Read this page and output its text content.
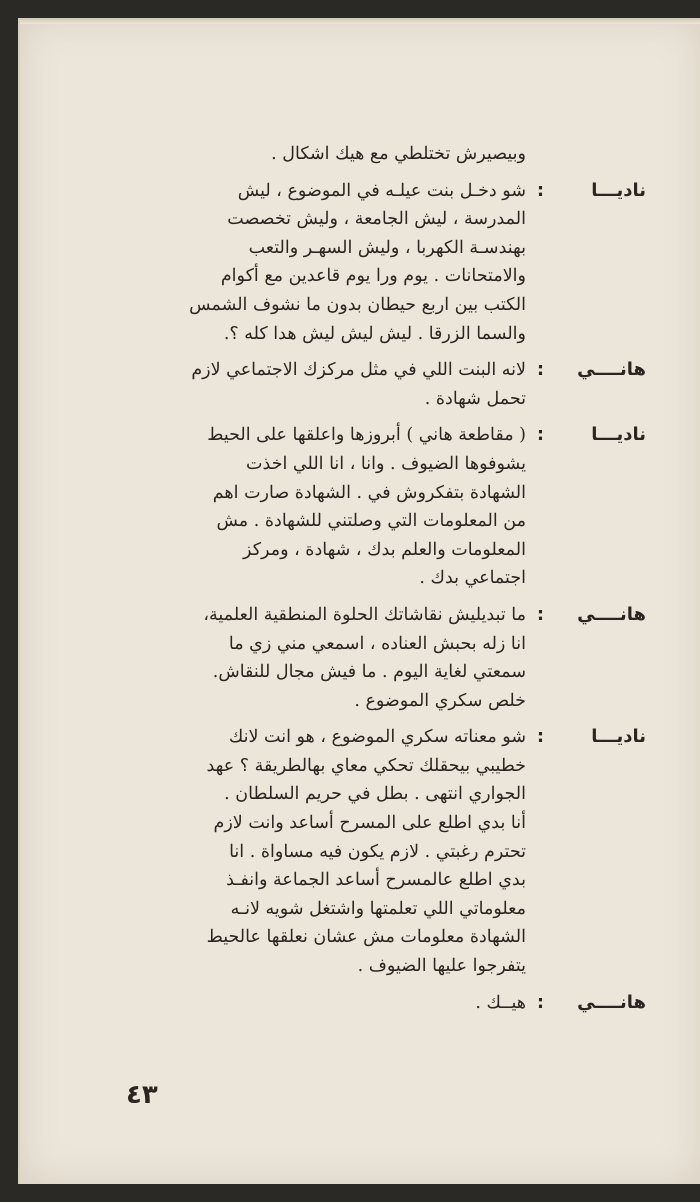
وبيصيرش تختلطي مع هيك اشكال .
ناديـــا
:
شو دخـل بنت عيلـه في الموضوع ، ليش
المدرسة ، ليش الجامعة ، وليش تخصصت
بهندسـة الكهربا ، وليش السهـر والتعب
والامتحانات . يوم ورا يوم قاعدين مع أكوام
الكتب بين اربع حيطان بدون ما نشوف الشمس
والسما الزرقا . ليش ليش ليش هدا كله ؟.
هانــــي
:
لانه البنت اللي في مثل مركزك الاجتماعي لازم
تحمل شهادة .
ناديـــا
:
( مقاطعة هاني ) أبروزها واعلقها على الحيط
يشوفوها الضيوف . وانا ، انا اللي اخذت
الشهادة بتفكروش في . الشهادة صارت اهم
من المعلومات التي وصلتني للشهادة . مش
المعلومات والعلم بدك ، شهادة ، ومركز
اجتماعي بدك .
هانــــي
:
ما تبديليش نقاشاتك الحلوة المنطقية العلمية،
انا زله بحبش العناده ، اسمعي مني زي ما
سمعتي لغاية اليوم . ما فيش مجال للنقاش.
خلص سكري الموضوع .
ناديـــا
:
شو معناته سكري الموضوع ، هو انت لانك
خطيبي بيحقلك تحكي معاي بهالطريقة ؟ عهد
الجواري انتهى . بطل في حريم السلطان .
أنا بدي اطلع على المسرح أساعد وانت لازم
تحترم رغبتي . لازم يكون فيه مساواة . انا
بدي اطلع عالمسرح أساعد الجماعة وانفـذ
معلوماتي اللي تعلمتها واشتغل شويه لانـه
الشهادة معلومات مش عشان نعلقها عالحيط
يتفرجوا عليها الضيوف .
هانــــي
:
هيــك .
٤٣
